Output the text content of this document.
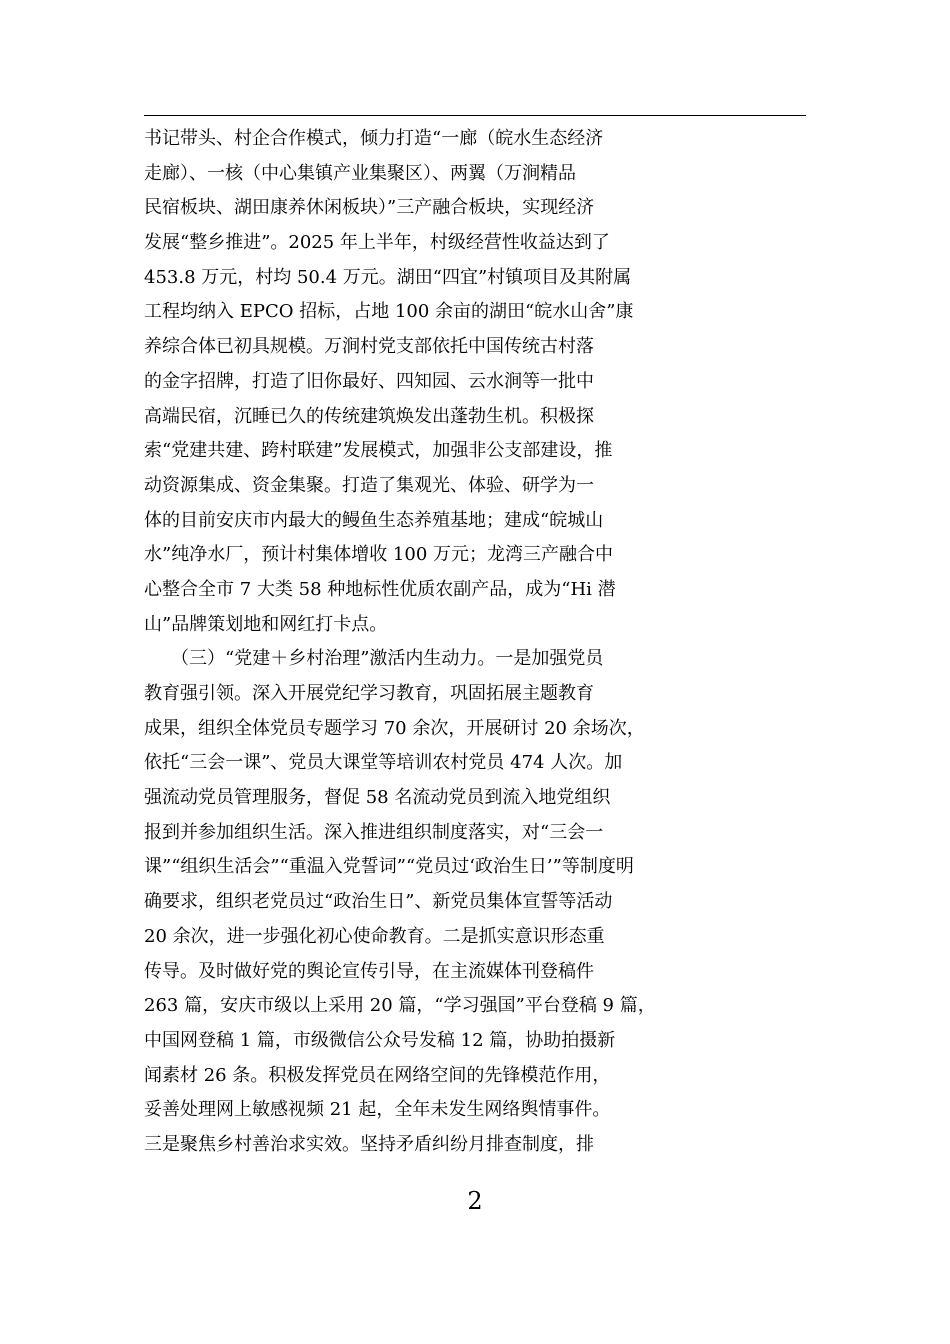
书记带头、村企合作模式，倾力打造“一廊（皖水生态经济
走廊）、一核（中心集镇产业集聚区）、两翼（万涧精品
民宿板块、湖田康养休闲板块）”三产融合板块，实现经济
发展“整乡推进”。2025 年上半年，村级经营性收益达到了
453.8 万元，村均 50.4 万元。湖田“四宜”村镇项目及其附属
工程均纳入 EPCO 招标，占地 100 余亩的湖田“皖水山舍”康
养综合体已初具规模。万涧村党支部依托中国传统古村落
的金字招牌，打造了旧你最好、四知园、云水涧等一批中
高端民宿，沉睡已久的传统建筑焕发出蓬勃生机。积极探
索“党建共建、跨村联建”发展模式，加强非公支部建设，推
动资源集成、资金集聚。打造了集观光、体验、研学为一
体的目前安庆市内最大的鳗鱼生态养殖基地；建成“皖城山
水”纯净水厂，预计村集体增收 100 万元；龙湾三产融合中
心整合全市 7 大类 58 种地标性优质农副产品，成为“Hi 潜
山”品牌策划地和网红打卡点。
　　（三）“党建＋乡村治理”激活内生动力。一是加强党员
教育强引领。深入开展党纪学习教育，巩固拓展主题教育
成果，组织全体党员专题学习 70 余次，开展研讨 20 余场次，
依托“三会一课”、党员大课堂等培训农村党员 474 人次。加
强流动党员管理服务，督促 58 名流动党员到流入地党组织
报到并参加组织生活。深入推进组织制度落实，对“三会一
课”“组织生活会”“重温入党誓词”“党员过‘政治生日’”等制度明
确要求，组织老党员过“政治生日”、新党员集体宣誓等活动
20 余次，进一步强化初心使命教育。二是抓实意识形态重
传导。及时做好党的舆论宣传引导，在主流媒体刊登稿件
263 篇，安庆市级以上采用 20 篇，“学习强国”平台登稿 9 篇，
中国网登稿 1 篇，市级微信公众号发稿 12 篇，协助拍摄新
闻素材 26 条。积极发挥党员在网络空间的先锋模范作用，
妥善处理网上敏感视频 21 起，全年未发生网络舆情事件。
三是聚焦乡村善治求实效。坚持矛盾纠纷月排查制度，排
2
